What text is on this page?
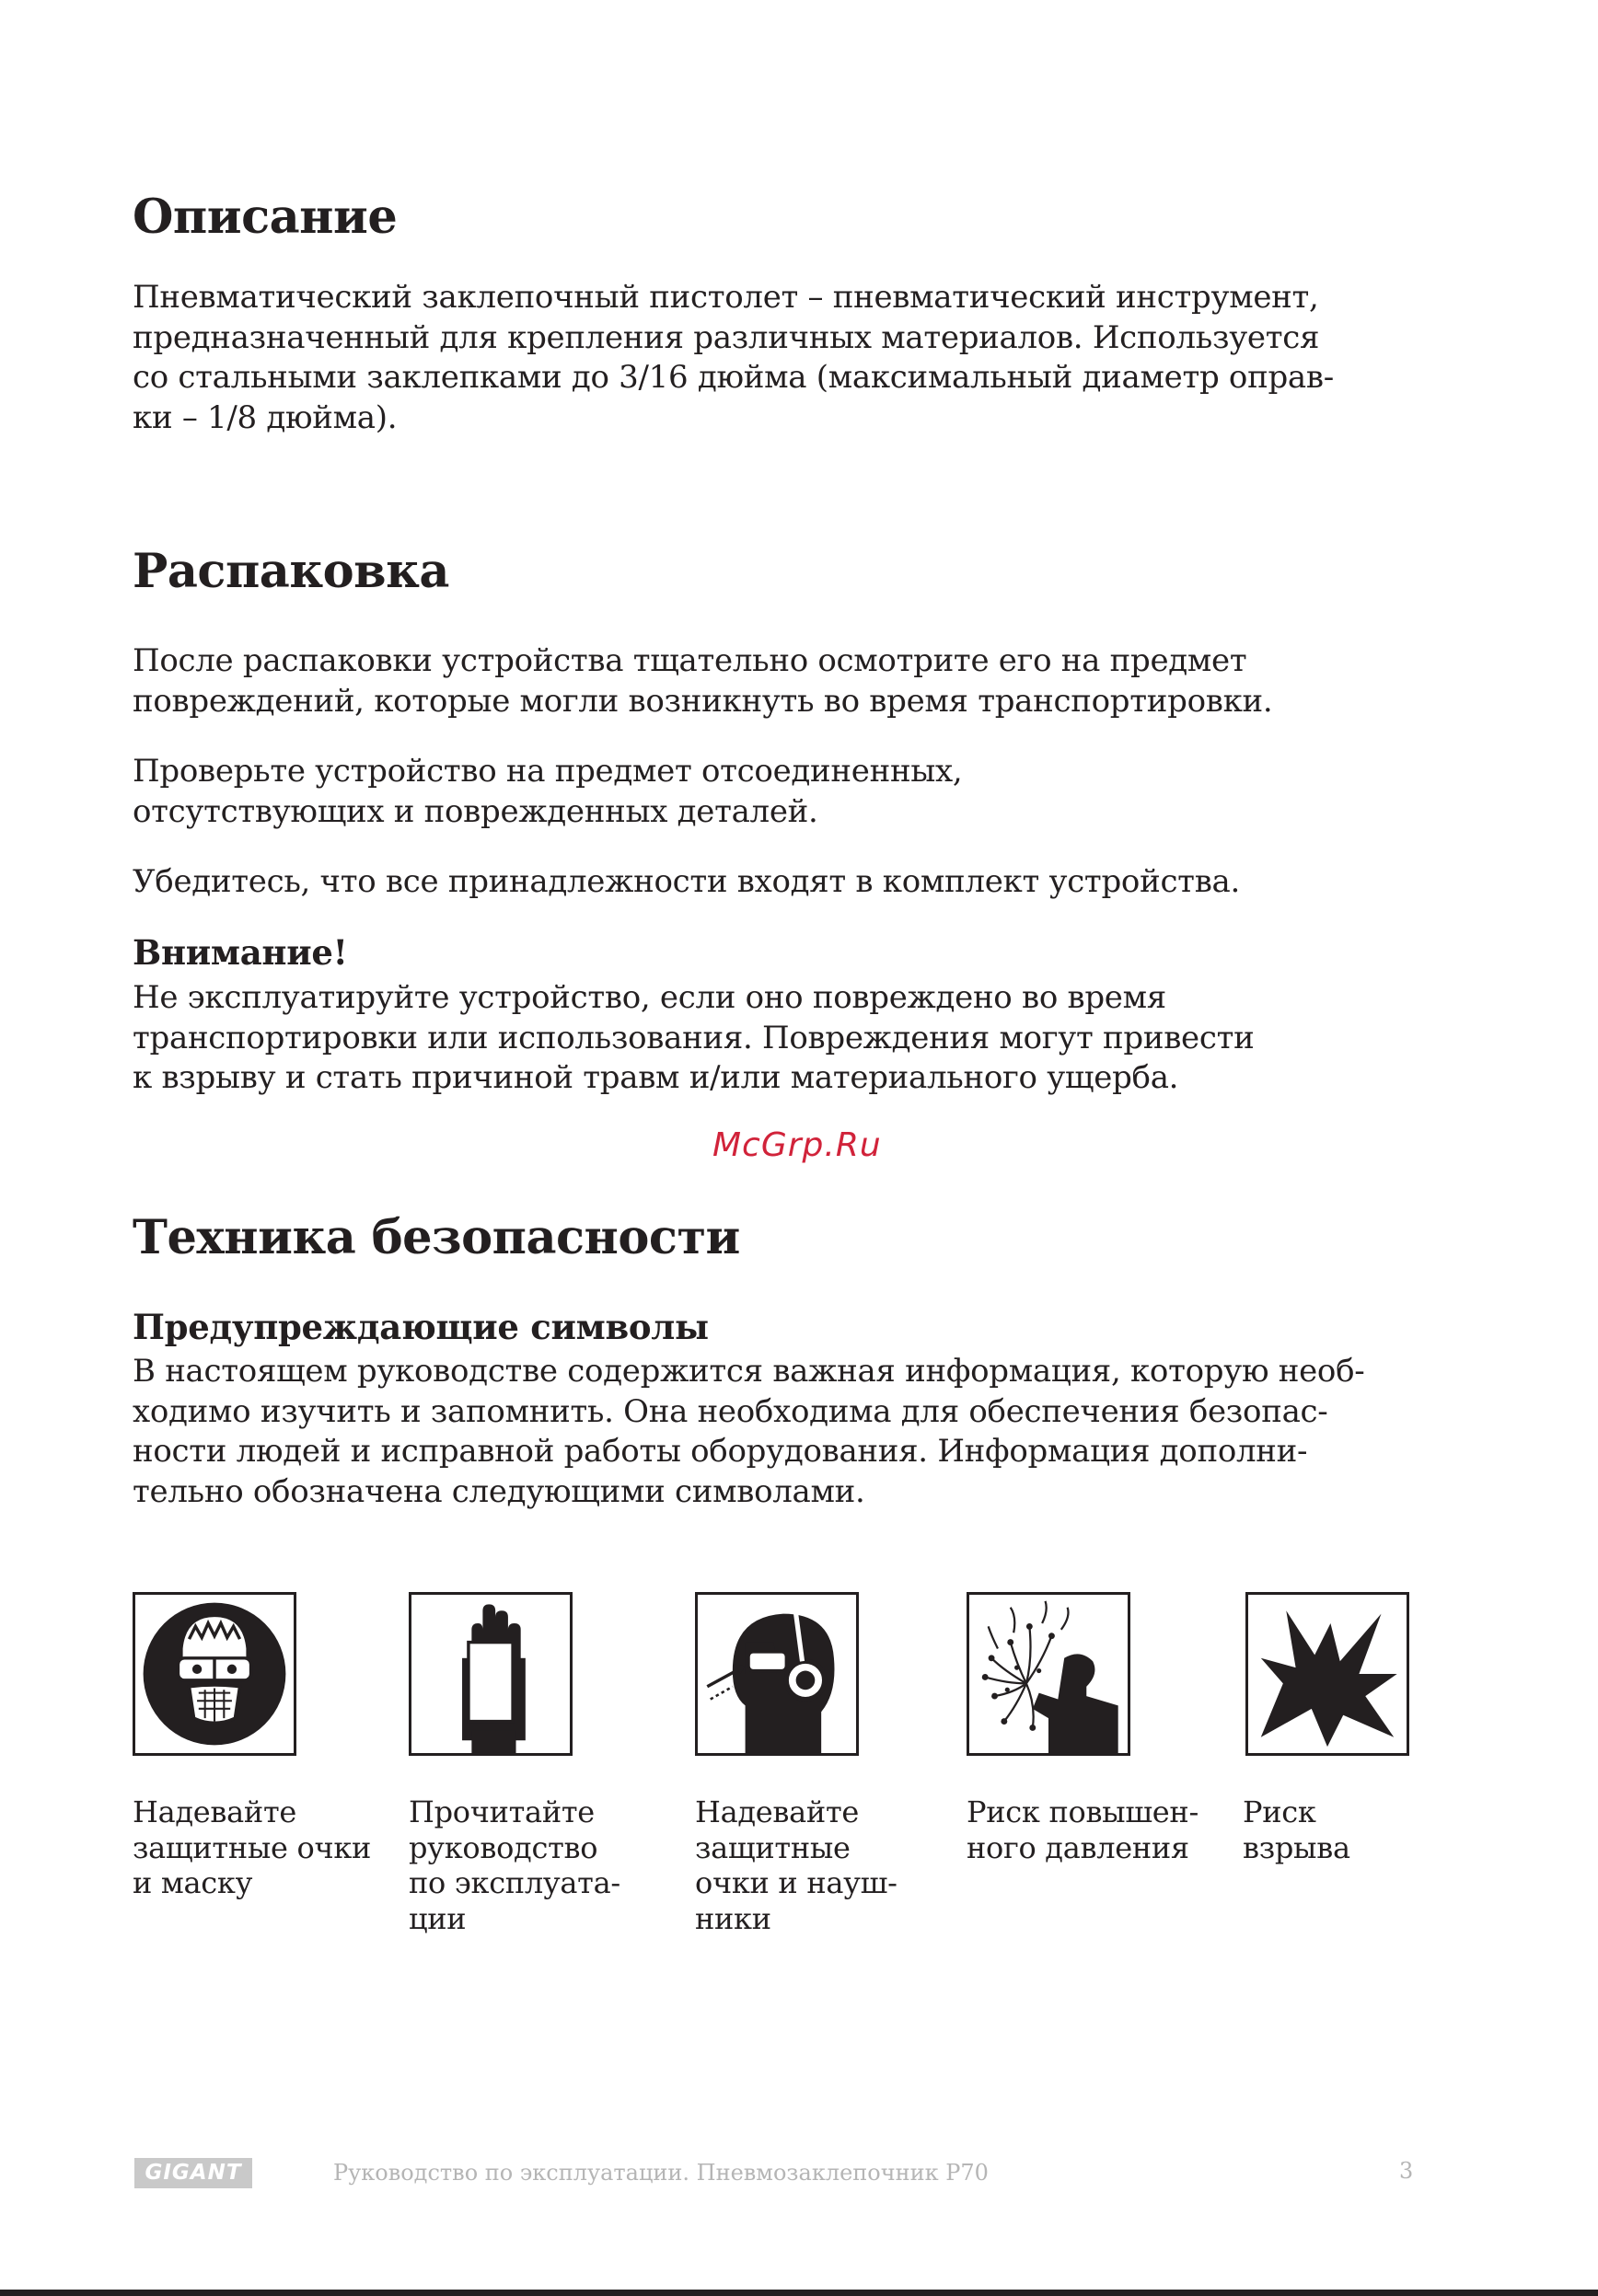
Описание

Пневматический заклепочный пистолет – пневматический инструмент,
предназначенный для крепления различных материалов. Используется
со стальными заклепками до 3/16 дюйма (максимальный диаметр оправ-
ки – 1/8 дюйма).

Распаковка

После распаковки устройства тщательно осмотрите его на предмет
повреждений, которые могли возникнуть во время транспортировки.

Проверьте устройство на предмет отсоединенных,
отсутствующих и поврежденных деталей.

Убедитесь, что все принадлежности входят в комплект устройства.

Внимание!

Не эксплуатируйте устройство, если оно повреждено во время
транспортировки или использования. Повреждения могут привести
к взрыву и стать причиной травм и/или материального ущерба.

McGrp.Ru
Техника безопасности
Предупреждающие символы

В настоящем руководстве содержится важная информация, которую необ-
ходимо изучить и запомнить. Она необходима для обеспечения безопас-
ности людей и исправной работы оборудования. Информация дополни-
тельно обозначена следующими символами.

Надевайте
защитные очки
и маску

Прочитайте
руководство
по эксплуата-
ции

Надевайте
защитные
очки и науш-
ники

Риск повышен-
ного давления

Риск
взрыва

GIGANT	Руководство по эксплуатации. Пневмозаклепочник P70	3
